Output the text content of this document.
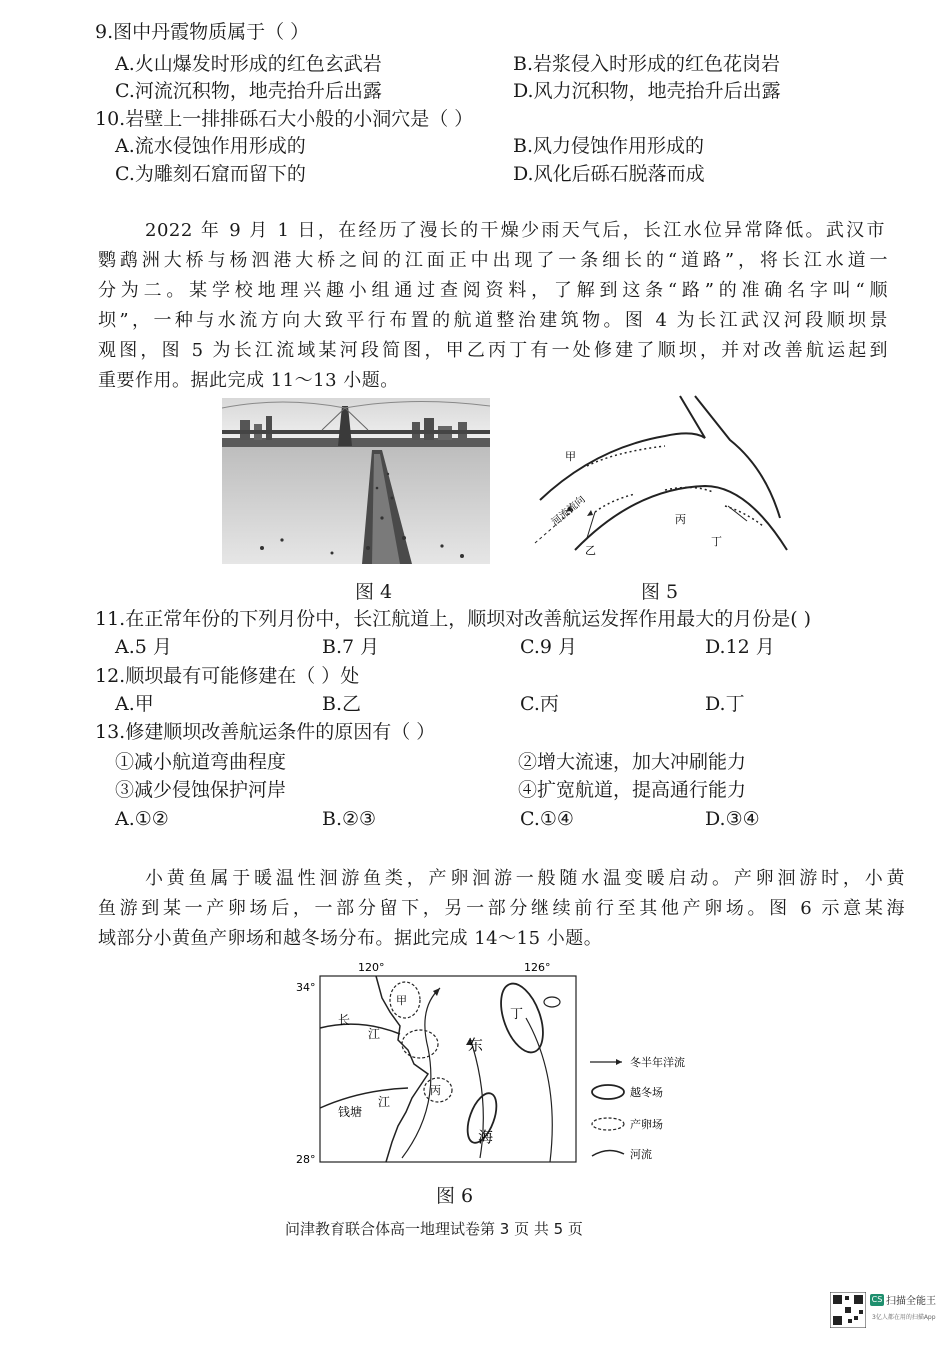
9.图中丹霞物质属于（ ）
A.火山爆发时形成的红色玄武岩	B.岩浆侵入时形成的红色花岗岩
C.河流沉积物，地壳抬升后出露	D.风力沉积物，地壳抬升后出露
10.岩壁上一排排砾石大小般的小洞穴是（ ）
A.流水侵蚀作用形成的	B.风力侵蚀作用形成的
C.为雕刻石窟而留下的	D.风化后砾石脱落而成
2022 年 9 月 1 日，在经历了漫长的干燥少雨天气后，长江水位异常降低。武汉市
鹦鹉洲大桥与杨泗港大桥之间的江面正中出现了一条细长的“道路”，将长江水道一
分为二。某学校地理兴趣小组通过查阅资料，了解到这条“路”的准确名字叫“顺
坝”，一种与水流方向大致平行布置的航道整治建筑物。图 4 为长江武汉河段顺坝景
观图，图 5 为长江流域某河段简图，甲乙丙丁有一处修建了顺坝，并对改善航运起到
重要作用。据此完成 11～13 小题。
图 4
甲
乙
丙
丁
河流流向
图 5
11.在正常年份的下列月份中，长江航道上，顺坝对改善航运发挥作用最大的月份是( )
A.5 月	B.7 月	C.9 月	D.12 月
12.顺坝最有可能修建在（ ）处
A.甲	B.乙	C.丙	D.丁
13.修建顺坝改善航运条件的原因有（ ）
①减小航道弯曲程度	②增大流速，加大冲刷能力
③减少侵蚀保护河岸	④扩宽航道，提高通行能力
A.①②	B.②③	C.①④	D.③④
小黄鱼属于暖温性洄游鱼类，产卵洄游一般随水温变暖启动。产卵洄游时，小黄
鱼游到某一产卵场后，一部分留下，另一部分继续前行至其他产卵场。图 6 示意某海
域部分小黄鱼产卵场和越冬场分布。据此完成 14～15 小题。
120°	126°
34°
28°
长
江
钱塘
江
东
海
甲
丙
丁
冬半年洋流
越冬场
产卵场
河流
图 6
问津教育联合体高一地理试卷第 3 页 共 5 页
CS 扫描全能王
3亿人都在用的扫描App
